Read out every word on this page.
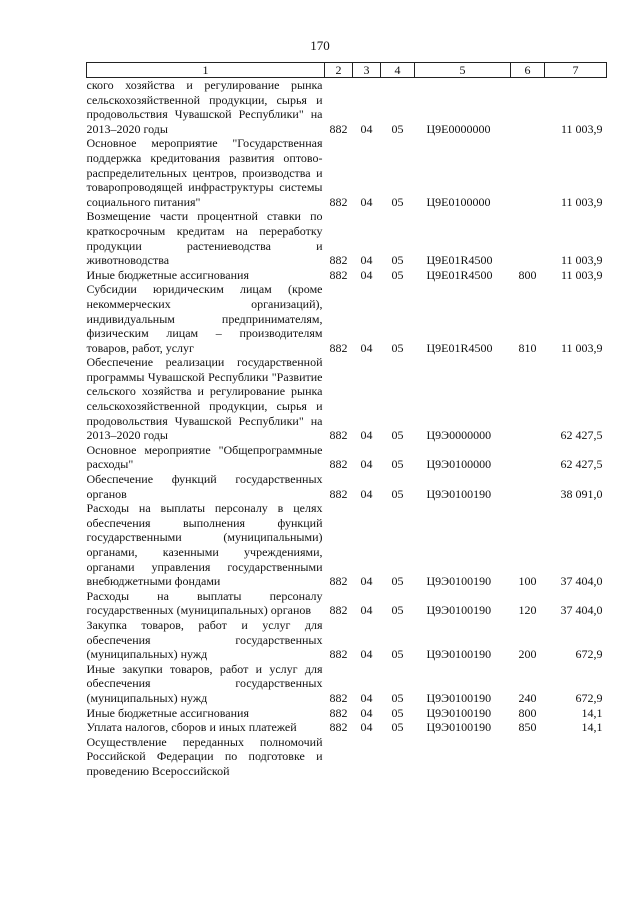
170
1	2	3	4	5	6	7
ского хозяйства и регулирование рынка сельскохозяйственной продукции, сырья и продовольствия Чувашской Республики" на 2013–2020 годы	882	04	05	Ц9Е0000000		11 003,9
Основное мероприятие "Государственная поддержка кредитования развития оптово-распределительных центров, производства и товаропроводящей инфраструктуры системы социального питания"	882	04	05	Ц9Е0100000		11 003,9
Возмещение части процентной ставки по краткосрочным кредитам на переработку продукции растениеводства и животноводства	882	04	05	Ц9Е01R4500		11 003,9
Иные бюджетные ассигнования	882	04	05	Ц9Е01R4500	800	11 003,9
Субсидии юридическим лицам (кроме некоммерческих организаций), индивидуальным предпринимателям, физическим лицам – производителям товаров, работ, услуг	882	04	05	Ц9Е01R4500	810	11 003,9
Обеспечение реализации государственной программы Чувашской Республики "Развитие сельского хозяйства и регулирование рынка сельскохозяйственной продукции, сырья и продовольствия Чувашской Республики" на 2013–2020 годы	882	04	05	Ц9Э0000000		62 427,5
Основное мероприятие "Общепрограммные расходы"	882	04	05	Ц9Э0100000		62 427,5
Обеспечение функций государственных органов	882	04	05	Ц9Э0100190		38 091,0
Расходы на выплаты персоналу в целях обеспечения выполнения функций государственными (муниципальными) органами, казенными учреждениями, органами управления государственными внебюджетными фондами	882	04	05	Ц9Э0100190	100	37 404,0
Расходы на выплаты персоналу государственных (муниципальных) органов	882	04	05	Ц9Э0100190	120	37 404,0
Закупка товаров, работ и услуг для обеспечения государственных (муниципальных) нужд	882	04	05	Ц9Э0100190	200	672,9
Иные закупки товаров, работ и услуг для обеспечения государственных (муниципальных) нужд	882	04	05	Ц9Э0100190	240	672,9
Иные бюджетные ассигнования	882	04	05	Ц9Э0100190	800	14,1
Уплата налогов, сборов и иных платежей	882	04	05	Ц9Э0100190	850	14,1
Осуществление переданных полномочий Российской Федерации по подготовке и проведению Всероссийской						
